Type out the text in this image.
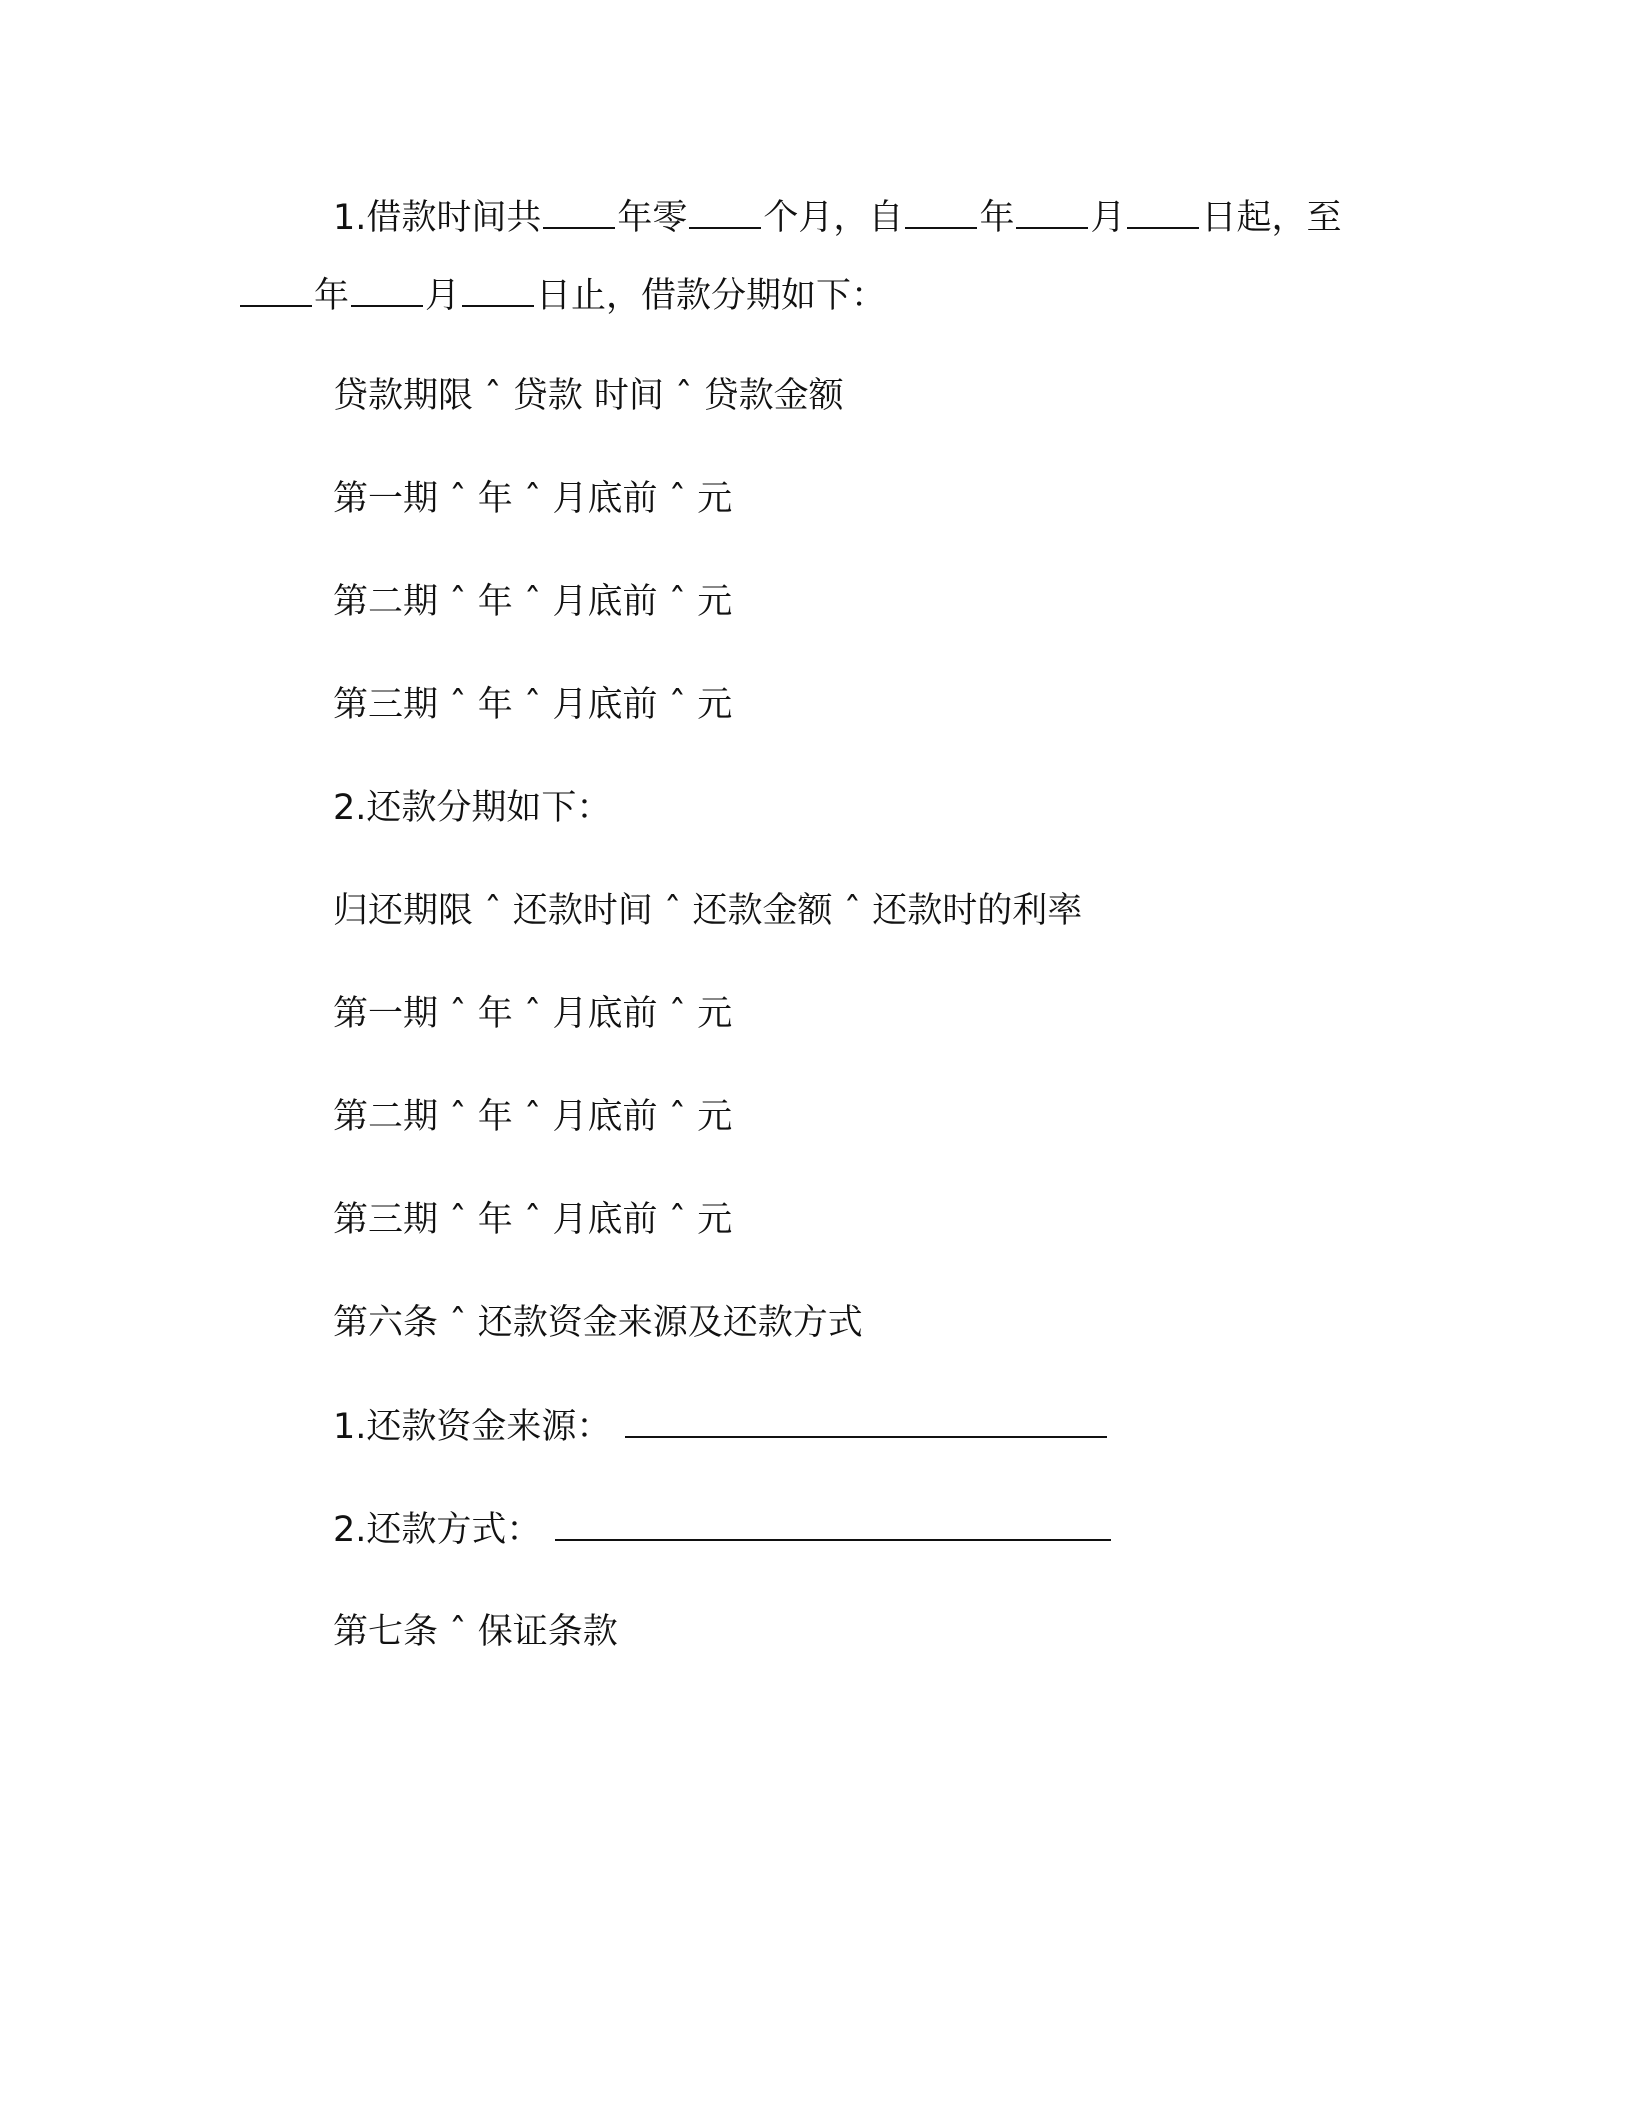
1.借款时间共 年零 个月，自 年 月 日起，至
年 月 日止，借款分期如下：
贷款期限 ˆ 贷款 时间 ˆ 贷款金额
第一期 ˆ 年 ˆ 月底前 ˆ 元
第二期 ˆ 年 ˆ 月底前 ˆ 元
第三期 ˆ 年 ˆ 月底前 ˆ 元
2.还款分期如下：
归还期限 ˆ 还款时间 ˆ 还款金额 ˆ 还款时的利率
第一期 ˆ 年 ˆ 月底前 ˆ 元
第二期 ˆ 年 ˆ 月底前 ˆ 元
第三期 ˆ 年 ˆ 月底前 ˆ 元
第六条 ˆ 还款资金来源及还款方式
1.还款资金来源：
2.还款方式：
第七条 ˆ 保证条款
